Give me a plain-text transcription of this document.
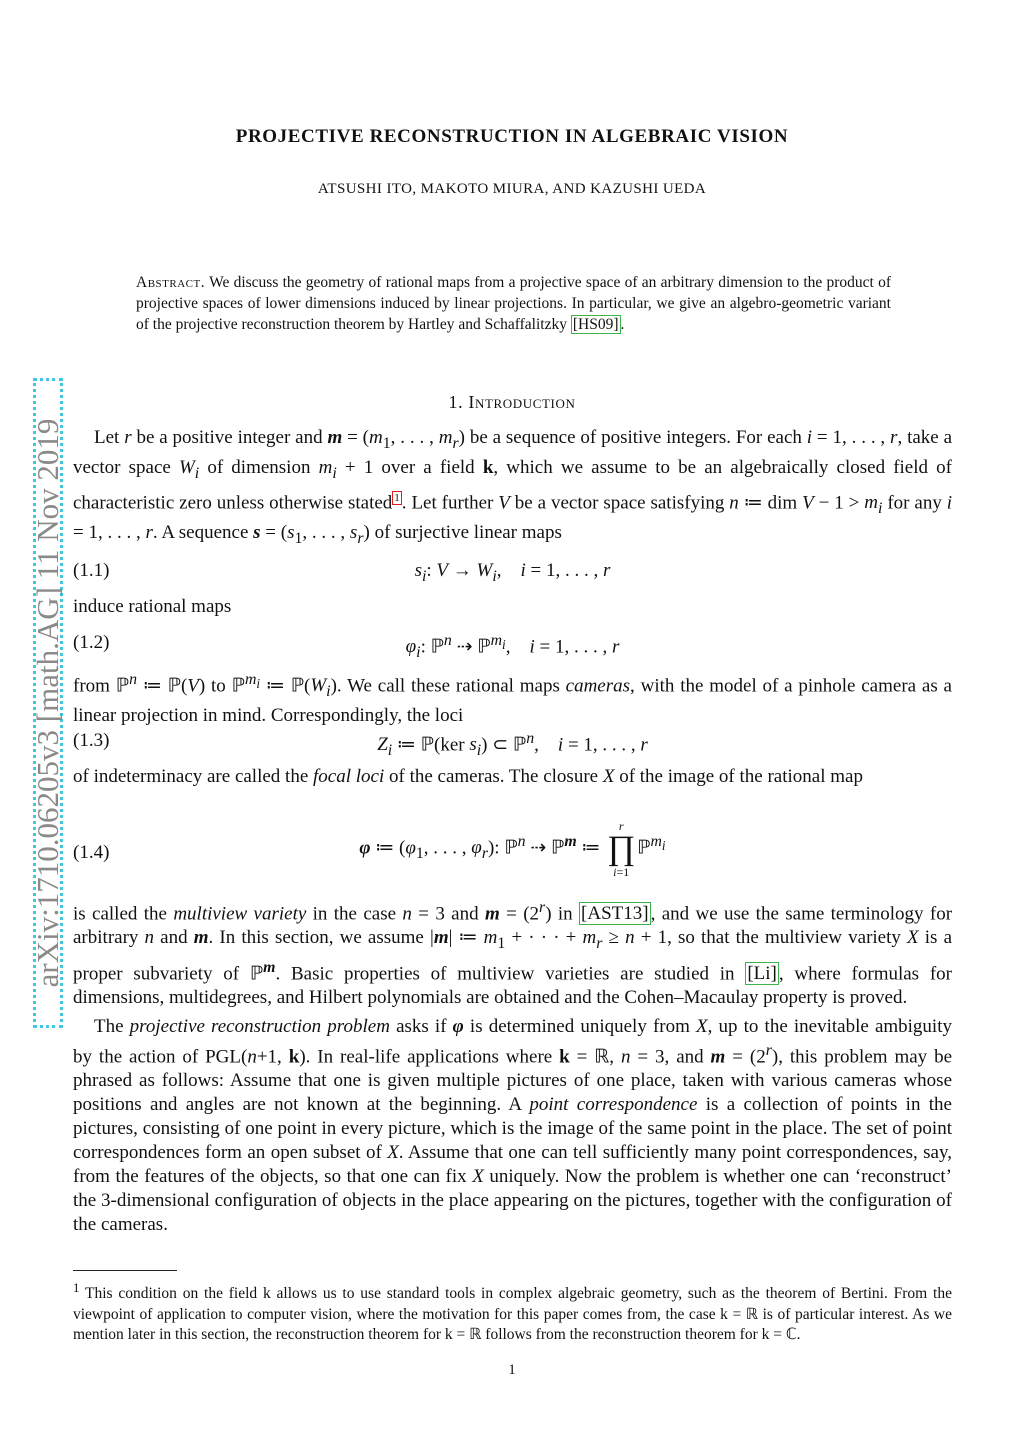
PROJECTIVE RECONSTRUCTION IN ALGEBRAIC VISION
ATSUSHI ITO, MAKOTO MIURA, AND KAZUSHI UEDA
Abstract. We discuss the geometry of rational maps from a projective space of an arbitrary dimension to the product of projective spaces of lower dimensions induced by linear projections. In particular, we give an algebro-geometric variant of the projective reconstruction theorem by Hartley and Schaffalitzky [HS09] .
arXiv:1710.06205v3 [math.AG] 11 Nov 2019
1. Introduction
Let r be a positive integer and $m = (m_1$, . . . , $m_r$) be a sequence of positive integers. For each i = 1, . . . , r, take a vector space $W_i$ of dimension $m_i + 1$ over a field k, which we assume to be an algebraically closed field of characteristic zero unless otherwise stated $^1$ . Let further V be a vector space satisfying n ≔ dim $V - 1 > m_i$ for any i = 1, . . . , r. A sequence $s = (s_1$, . . . , $s_r$) of surjective linear maps
(1.1)	$s_i$: $V \to W_i$,    i = 1, . . . , r
induce rational maps
(1.2)	$\varphi_i$: ℙ$^n$ ⇢ ℙ$^{m_i}$,    i = 1, . . . , r
from ℙ$^n$ ≔ ℙ(V) to ℙ$^{m_i}$ ≔ $ℙ(W_i)$. We call these rational maps cameras, with the model of a pinhole camera as a linear projection in mind. Correspondingly, the loci
(1.3)	$Z_i$ ≔ ℙ(ker $s_i$) ⊂ ℙ$^n$,    i = 1, . . . , r
of indeterminacy are called the focal loci of the cameras. The closure X of the image of the rational map
(1.4)	φ ≔ ($\varphi_1$, . . . , $\varphi_r$): ℙ$^n$ ⇢ ℙ$^m$ ≔
r
∏
i=1
ℙ$^{m_i}$
is called the multiview variety in the case n = 3 and $m = (2^r)$ in [AST13] , and we use the same terminology for arbitrary n and m. In this section, we assume |m| ≔ $m_1$ + · · · + $m_r \ge n + 1$, so that the multiview variety X is a proper subvariety of ℙ$^m$. Basic properties of multiview varieties are studied in [Li] , where formulas for dimensions, multidegrees, and Hilbert polynomials are obtained and the Cohen–Macaulay property is proved.
The projective reconstruction problem asks if φ is determined uniquely from X, up to the inevitable ambiguity by the action of PGL(n+1, k). In real-life applications where k = ℝ, n = 3, and $m = (2^r)$, this problem may be phrased as follows: Assume that one is given multiple pictures of one place, taken with various cameras whose positions and angles are not known at the beginning. A point correspondence is a collection of points in the pictures, consisting of one point in every picture, which is the image of the same point in the place. The set of point correspondences form an open subset of X. Assume that one can tell sufficiently many point correspondences, say, from the features of the objects, so that one can fix X uniquely. Now the problem is whether one can ‘reconstruct’ the 3-dimensional configuration of objects in the place appearing on the pictures, together with the configuration of the cameras.
$^1$ This condition on the field k allows us to use standard tools in complex algebraic geometry, such as the theorem of Bertini. From the viewpoint of application to computer vision, where the motivation for this paper comes from, the case k = ℝ is of particular interest. As we mention later in this section, the reconstruction theorem for k = ℝ follows from the reconstruction theorem for k = ℂ.
1
